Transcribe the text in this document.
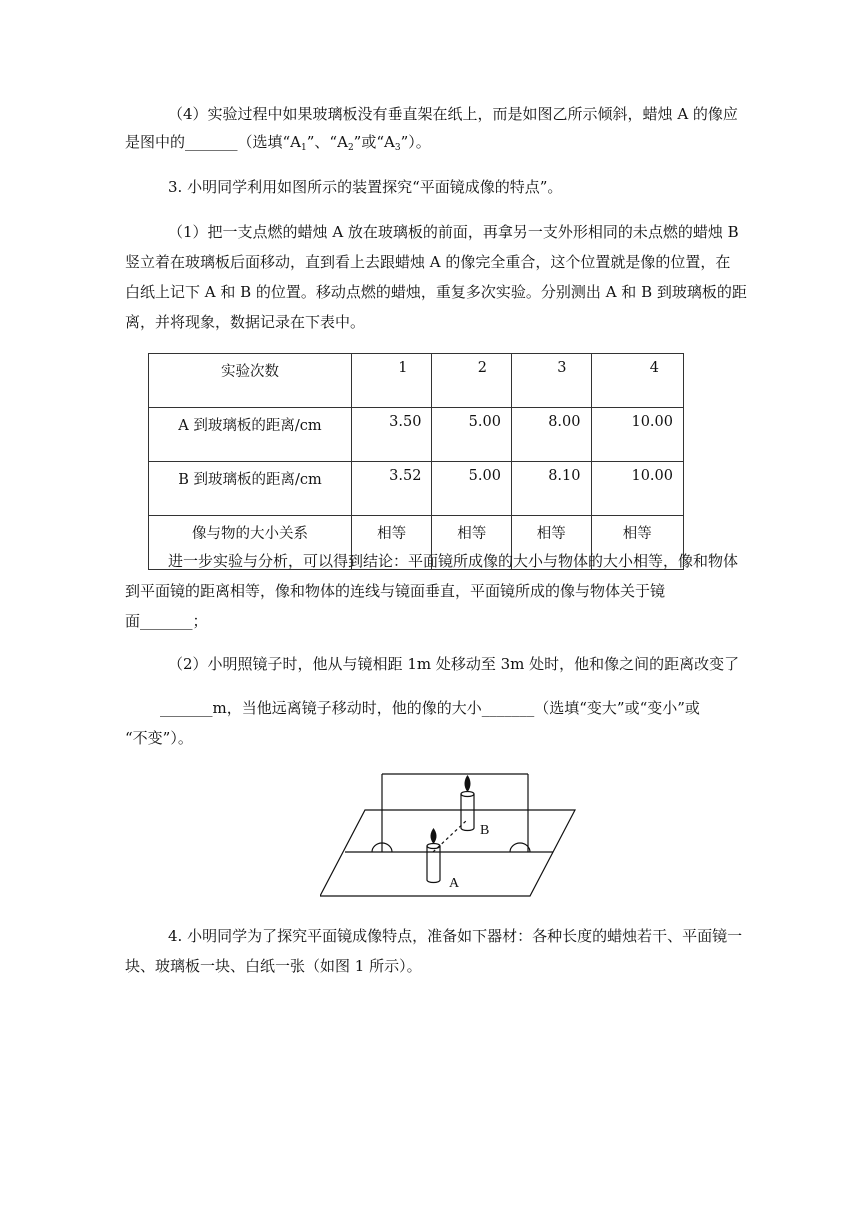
（4）实验过程中如果玻璃板没有垂直架在纸上，而是如图乙所示倾斜，蜡烛 A 的像应
是图中的_______（选填“$A_1$”、“$A_2$”或“$A_3$”）。
3. 小明同学利用如图所示的装置探究“平面镜成像的特点”。
（1）把一支点燃的蜡烛 A 放在玻璃板的前面，再拿另一支外形相同的未点燃的蜡烛 B
竖立着在玻璃板后面移动，直到看上去跟蜡烛 A 的像完全重合，这个位置就是像的位置，在
白纸上记下 A 和 B 的位置。移动点燃的蜡烛，重复多次实验。分别测出 A 和 B 到玻璃板的距
离，并将现象，数据记录在下表中。
实验次数	1	2	3	4

A 到玻璃板的距离/cm	3.50	5.00	8.00	10.00

B 到玻璃板的距离/cm	3.52	5.00	8.10	10.00

像与物的大小关系	相等	相等	相等	相等
进一步实验与分析，可以得到结论：平面镜所成像的大小与物体的大小相等，像和物体
到平面镜的距离相等，像和物体的连线与镜面垂直，平面镜所成的像与物体关于镜
面_______；
（2）小明照镜子时，他从与镜相距 1m 处移动至 3m 处时，他和像之间的距离改变了
_______m，当他远离镜子移动时，他的像的大小_______（选填“变大”或“变小”或
“不变”）。
B
A
4. 小明同学为了探究平面镜成像特点，准备如下器材：各种长度的蜡烛若干、平面镜一
块、玻璃板一块、白纸一张（如图 1 所示）。
